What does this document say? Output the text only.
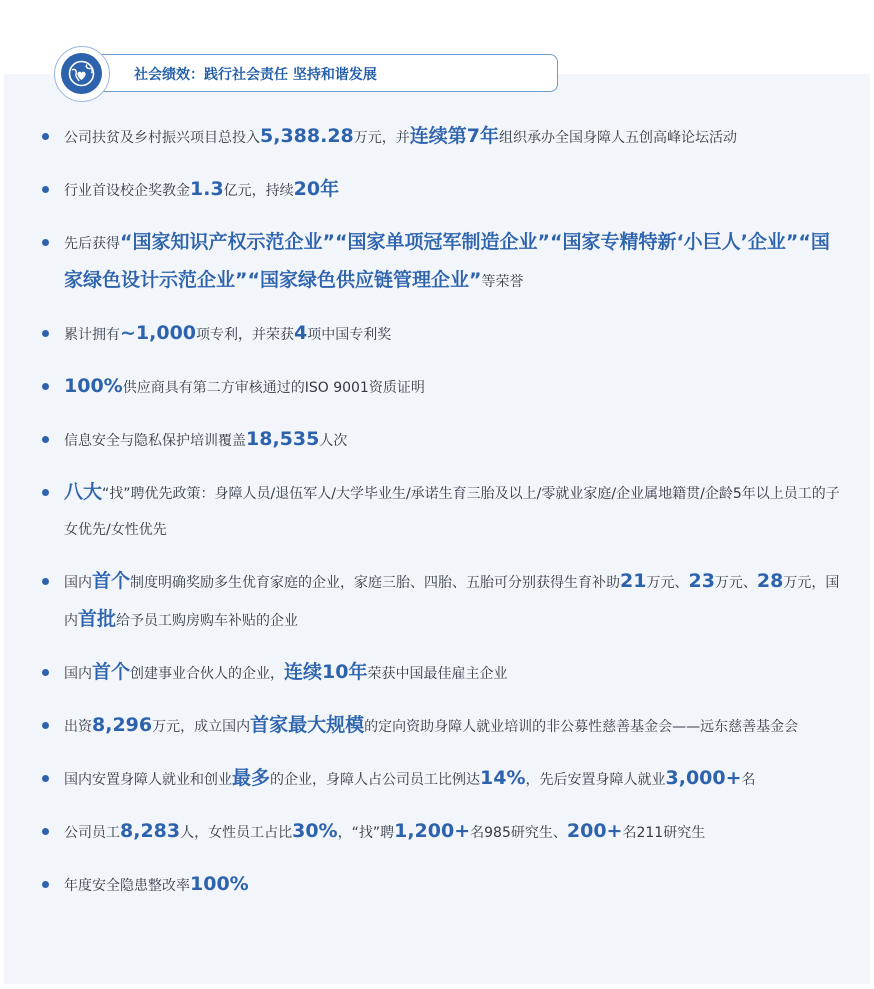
社会绩效：践行社会责任 坚持和谐发展
公司扶贫及乡村振兴项目总投入5,388.28万元，并连续第7年组织承办全国身障人五创高峰论坛活动
行业首设校企奖教金1.3亿元，持续20年
先后获得“国家知识产权示范企业”“国家单项冠军制造企业”“国家专精特新‘小巨人’企业”“国家绿色设计示范企业”“国家绿色供应链管理企业”等荣誉
累计拥有~1,000项专利，并荣获4项中国专利奖
100%供应商具有第二方审核通过的ISO 9001资质证明
信息安全与隐私保护培训覆盖18,535人次
八大“找”聘优先政策：身障人员/退伍军人/大学毕业生/承诺生育三胎及以上/零就业家庭/企业属地籍贯/企龄5年以上员工的子女优先/女性优先
国内首个制度明确奖励多生优育家庭的企业，家庭三胎、四胎、五胎可分别获得生育补助21万元、23万元、28万元，国内首批给予员工购房购车补贴的企业
国内首个创建事业合伙人的企业，连续10年荣获中国最佳雇主企业
出资8,296万元，成立国内首家最大规模的定向资助身障人就业培训的非公募性慈善基金会——远东慈善基金会
国内安置身障人就业和创业最多的企业，身障人占公司员工比例达14%，先后安置身障人就业3,000+名
公司员工8,283人，女性员工占比30%，“找”聘1,200+名985研究生、200+名211研究生
年度安全隐患整改率100%
